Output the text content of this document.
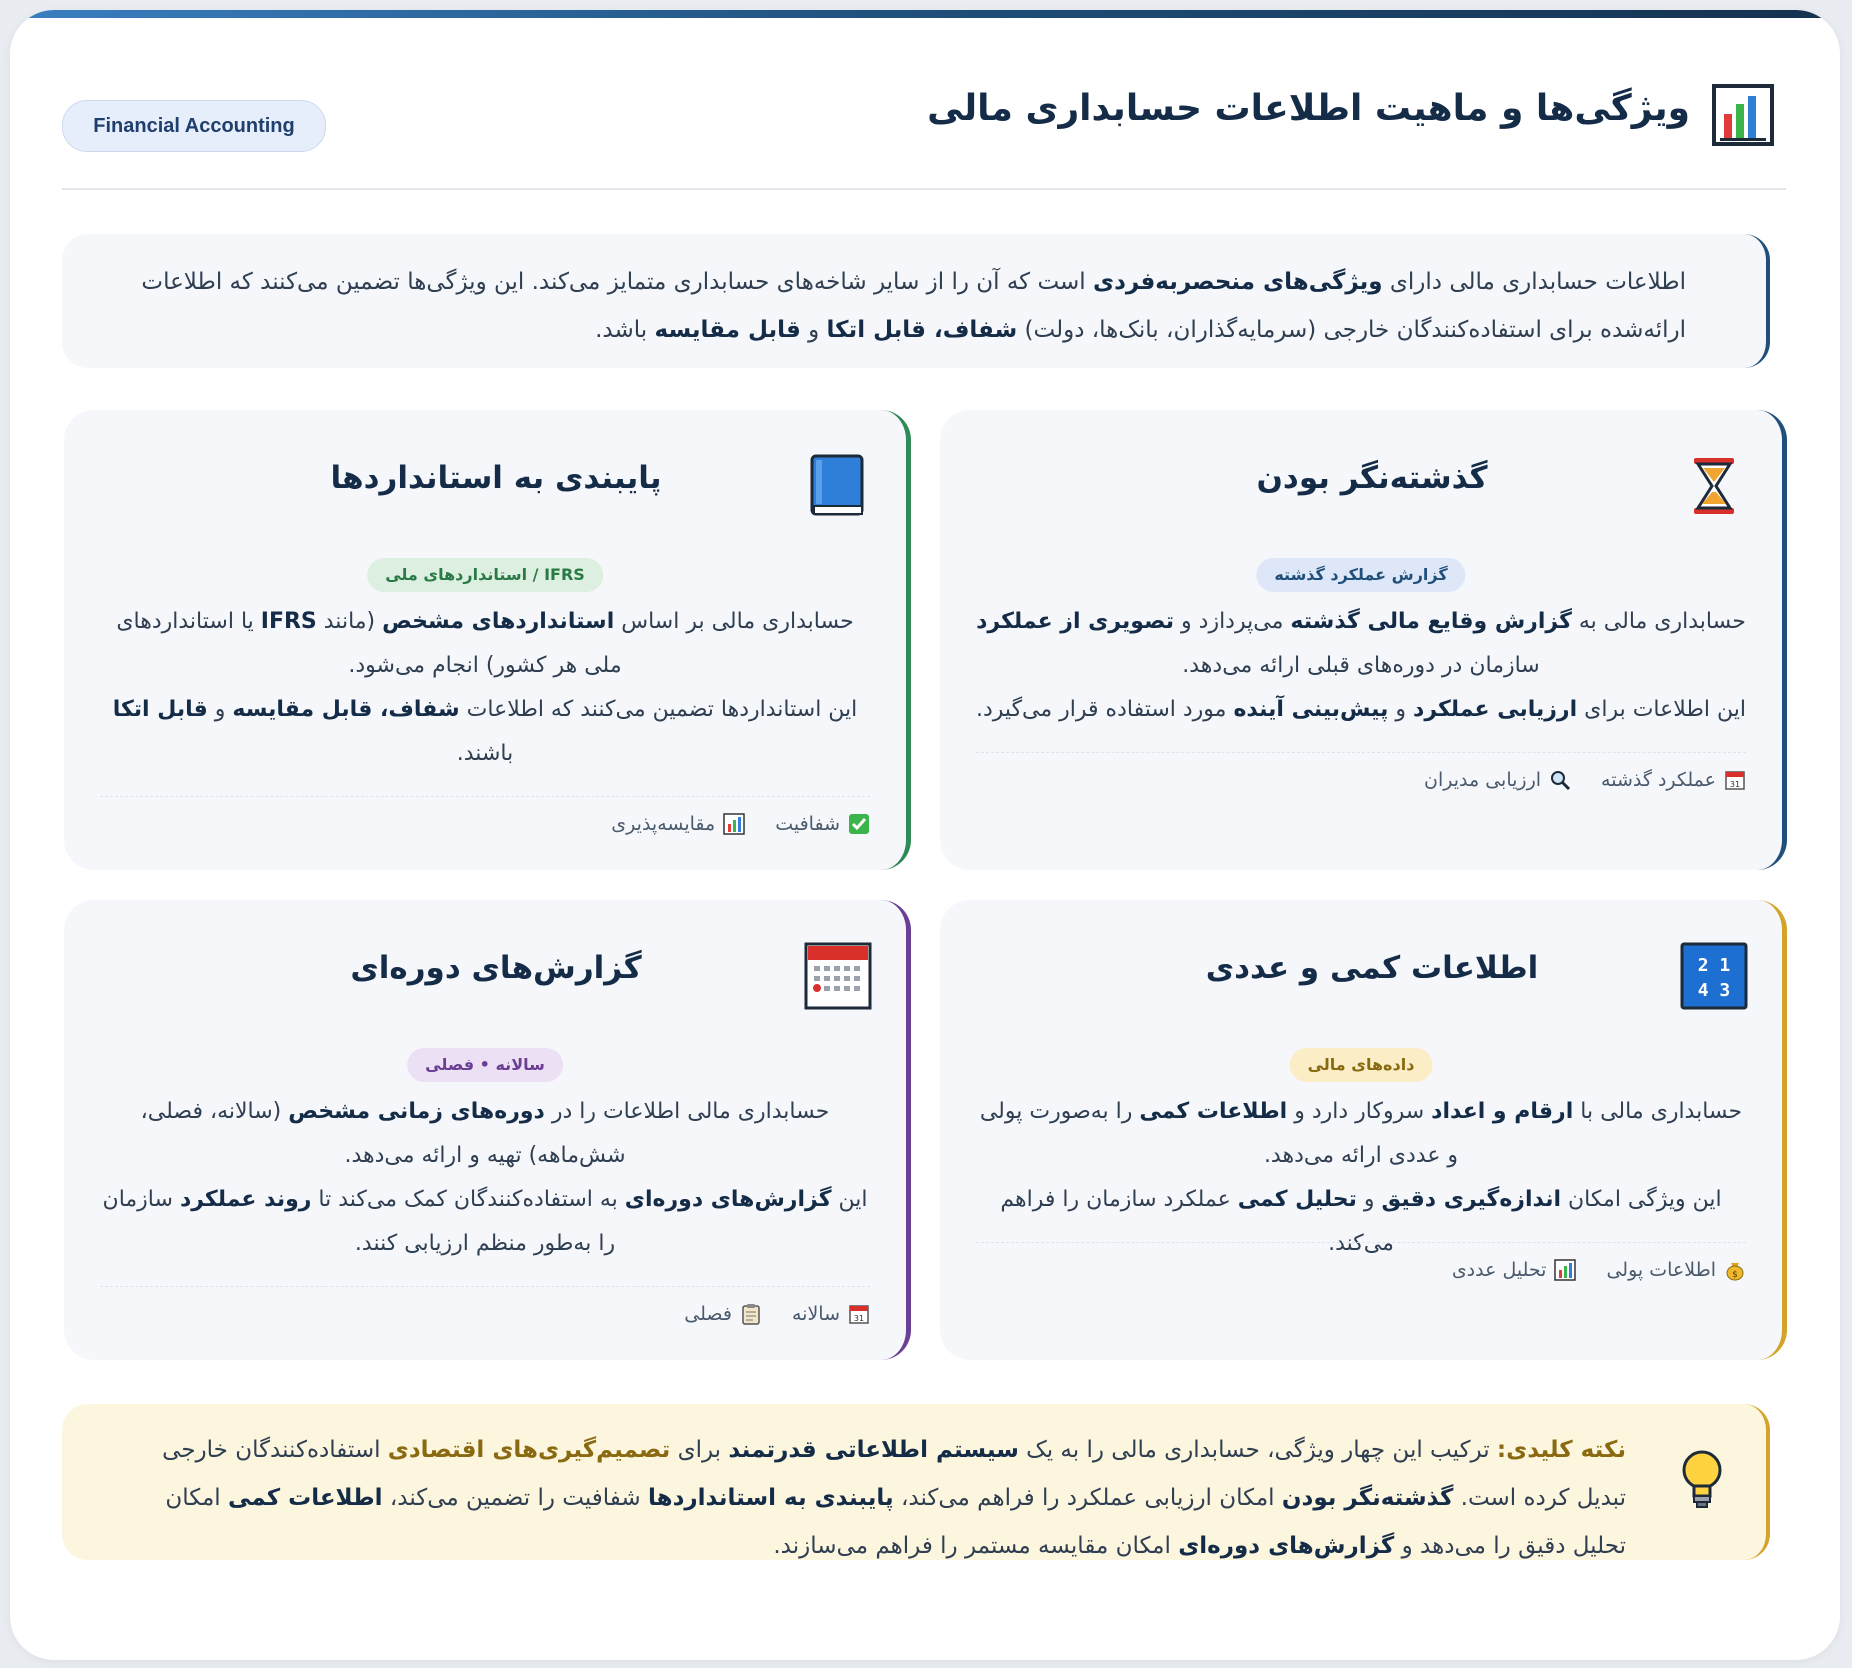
ویژگی‌ها و ماهیت اطلاعات حسابداری مالی
Financial Accounting

اطلاعات حسابداری مالی دارای ویژگی‌های منحصربه‌فردی است که آن را از سایر شاخه‌های حسابداری متمایز می‌کند. این ویژگی‌ها تضمین می‌کنند که اطلاعات ارائه‌شده برای استفاده‌کنندگان خارجی (سرمایه‌گذاران، بانک‌ها، دولت) شفاف، قابل اتکا و قابل مقایسه باشد.

گذشته‌نگر بودن
گزارش عملکرد گذشته

حسابداری مالی به گزارش وقایع مالی گذشته می‌پردازد و تصویری از عملکرد سازمان در دوره‌های قبلی ارائه می‌دهد.

این اطلاعات برای ارزیابی عملکرد و پیش‌بینی آینده مورد استفاده قرار می‌گیرد.

31
عملکرد گذشته
ارزیابی مدیران
پایبندی به استانداردها
IFRS / استانداردهای ملی

حسابداری مالی بر اساس استانداردهای مشخص (مانند IFRS یا استانداردهای ملی هر کشور) انجام می‌شود.

این استانداردها تضمین می‌کنند که اطلاعات شفاف، قابل مقایسه و قابل اتکا باشند.

شفافیت
مقایسه‌پذیری
1 2
3 4
اطلاعات کمی و عددی
داده‌های مالی

حسابداری مالی با ارقام و اعداد سروکار دارد و اطلاعات کمی را به‌صورت پولی و عددی ارائه می‌دهد.

این ویژگی امکان اندازه‌گیری دقیق و تحلیل کمی عملکرد سازمان را فراهم می‌کند.

$
اطلاعات پولی
تحلیل عددی
گزارش‌های دوره‌ای
سالانه • فصلی

حسابداری مالی اطلاعات را در دوره‌های زمانی مشخص (سالانه، فصلی، شش‌ماهه) تهیه و ارائه می‌دهد.

این گزارش‌های دوره‌ای به استفاده‌کنندگان کمک می‌کند تا روند عملکرد سازمان را به‌طور منظم ارزیابی کنند.

31
سالانه
فصلی

نکته کلیدی: ترکیب این چهار ویژگی، حسابداری مالی را به یک سیستم اطلاعاتی قدرتمند برای تصمیم‌گیری‌های اقتصادی استفاده‌کنندگان خارجی تبدیل کرده است. گذشته‌نگر بودن امکان ارزیابی عملکرد را فراهم می‌کند، پایبندی به استانداردها شفافیت را تضمین می‌کند، اطلاعات کمی امکان تحلیل دقیق را می‌دهد و گزارش‌های دوره‌ای امکان مقایسه مستمر را فراهم می‌سازند.
